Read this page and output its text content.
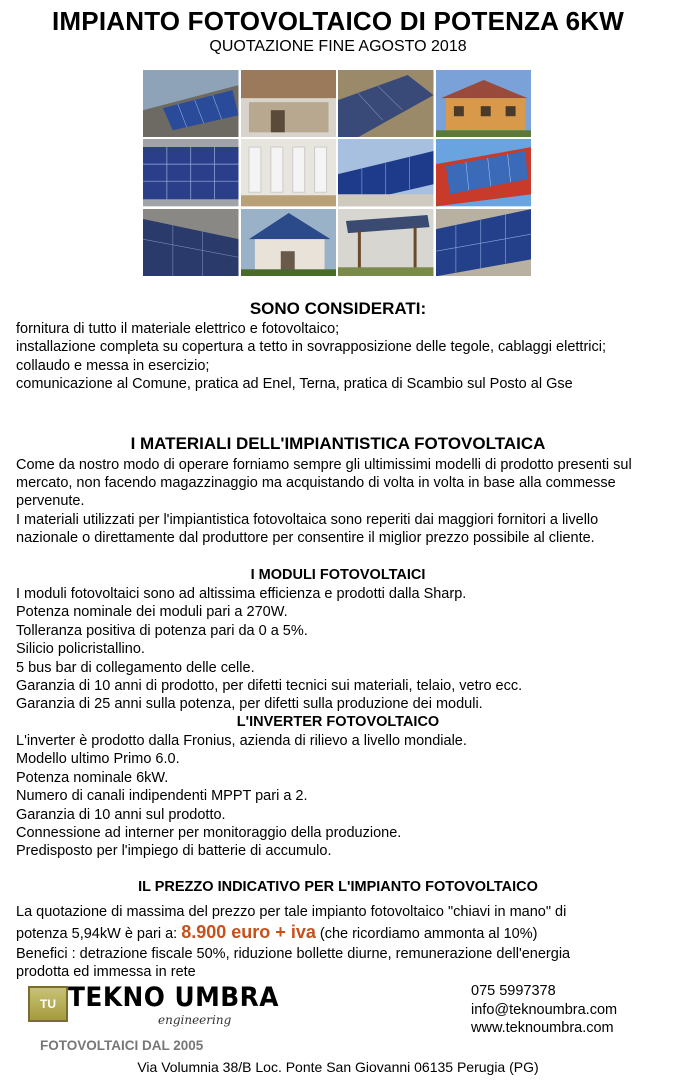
IMPIANTO FOTOVOLTAICO DI POTENZA 6KW
QUOTAZIONE FINE AGOSTO 2018
SONO CONSIDERATI:
fornitura di tutto il materiale elettrico e fotovoltaico;
installazione completa su copertura a tetto in sovrapposizione delle tegole, cablaggi elettrici;
collaudo e messa in esercizio;
comunicazione al Comune, pratica ad Enel, Terna, pratica di Scambio sul Posto al Gse
I MATERIALI DELL'IMPIANTISTICA FOTOVOLTAICA
Come da nostro modo di operare forniamo sempre gli ultimissimi modelli di prodotto presenti sul mercato, non facendo magazzinaggio ma acquistando di volta in volta in base alla commesse pervenute.
I materiali utilizzati per l'impiantistica fotovoltaica sono reperiti dai maggiori fornitori a livello nazionale o direttamente dal produttore per consentire il miglior prezzo possibile al cliente.
I MODULI FOTOVOLTAICI
I moduli fotovoltaici sono ad altissima efficienza e prodotti dalla Sharp.
Potenza nominale dei moduli pari a 270W.
Tolleranza positiva di potenza pari da 0 a 5%.
Silicio policristallino.
5 bus bar di collegamento delle celle.
Garanzia di 10 anni di prodotto, per difetti tecnici sui materiali, telaio, vetro ecc.
Garanzia di 25 anni sulla potenza, per difetti sulla produzione dei moduli.
L'INVERTER FOTOVOLTAICO
L'inverter è prodotto dalla Fronius, azienda di rilievo a livello mondiale.
Modello ultimo Primo 6.0.
Potenza nominale 6kW.
Numero di canali indipendenti MPPT pari a 2.
Garanzia di 10 anni sul prodotto.
Connessione ad interner per monitoraggio della produzione.
Predisposto per l'impiego di batterie di accumulo.
IL PREZZO INDICATIVO PER L'IMPIANTO FOTOVOLTAICO
La quotazione di massima del prezzo per tale impianto fotovoltaico "chiavi in mano" di
potenza 5,94kW è pari a: 8.900 euro + iva (che ricordiamo ammonta al 10%)
Benefici : detrazione fiscale 50%, riduzione bollette diurne, remunerazione dell'energia
prodotta ed immessa in rete
TU TEKNO UMBRA
engineering
FOTOVOLTAICI DAL 2005
075 5997378
info@teknoumbra.com
www.teknoumbra.com
Via Volumnia 38/B Loc. Ponte San Giovanni 06135 Perugia (PG)
